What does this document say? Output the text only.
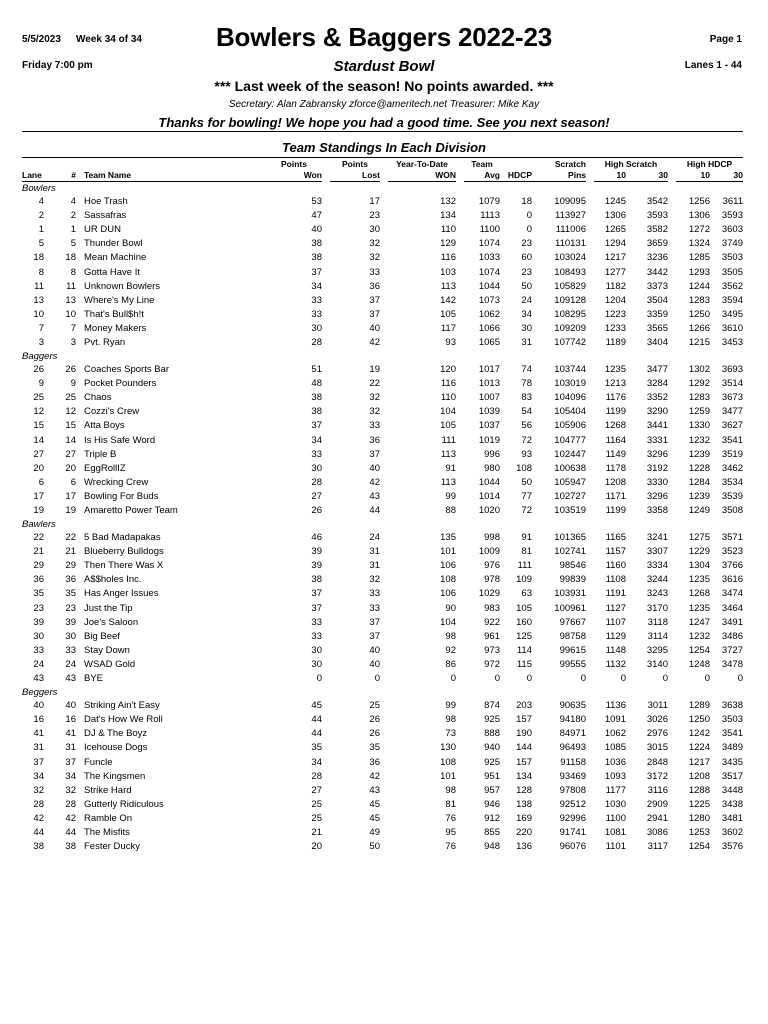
5/5/2023 Week 34 of 34	Bowlers & Baggers 2022-23	Page 1
Friday 7:00 pm	Stardust Bowl	Lanes 1 - 44
*** Last week of the season! No points awarded. ***
Secretary: Alan Zabransky zforce@ameritech.net Treasurer: Mike Kay
Thanks for bowling! We hope you had a good time. See you next season!
Team Standings In Each Division
			Points		Points		Year-To-Date		Team		Scratch		High Scratch			High HDCP	
Lane	#	Team Name	Won		Lost		WON		Avg	HDCP	Pins		10	30		10	30
Bowlers																	
4	4	Hoe Trash	53		17		132		1079	18	109095		1245	3542		1256	3611
2	2	Sassafras	47		23		134		1113	0	113927		1306	3593		1306	3593
1	1	UR DUN	40		30		110		1100	0	111006		1265	3582		1272	3603
5	5	Thunder Bowl	38		32		129		1074	23	110131		1294	3659		1324	3749
18	18	Mean Machine	38		32		116		1033	60	103024		1217	3236		1285	3503
8	8	Gotta Have It	37		33		103		1074	23	108493		1277	3442		1293	3505
11	11	Unknown Bowlers	34		36		113		1044	50	105829		1182	3373		1244	3562
13	13	Where's My Line	33		37		142		1073	24	109128		1204	3504		1283	3594
10	10	That's Bull$h!t	33		37		105		1062	34	108295		1223	3359		1250	3495
7	7	Money Makers	30		40		117		1066	30	109209		1233	3565		1266	3610
3	3	Pvt. Ryan	28		42		93		1065	31	107742		1189	3404		1215	3453
Baggers																	
26	26	Coaches Sports Bar	51		19		120		1017	74	103744		1235	3477		1302	3693
9	9	Pocket Pounders	48		22		116		1013	78	103019		1213	3284		1292	3514
25	25	Chaos	38		32		110		1007	83	104096		1176	3352		1283	3673
12	12	Cozzi's Crew	38		32		104		1039	54	105404		1199	3290		1259	3477
15	15	Atta Boys	37		33		105		1037	56	105906		1268	3441		1330	3627
14	14	Is His Safe Word	34		36		111		1019	72	104777		1164	3331		1232	3541
27	27	Triple B	33		37		113		996	93	102447		1149	3296		1239	3519
20	20	EggRollIZ	30		40		91		980	108	100638		1178	3192		1228	3462
6	6	Wrecking Crew	28		42		113		1044	50	105947		1208	3330		1284	3534
17	17	Bowling For Buds	27		43		99		1014	77	102727		1171	3296		1239	3539
19	19	Amaretto Power Team	26		44		88		1020	72	103519		1199	3358		1249	3508
Bawlers																	
22	22	5 Bad Madapakas	46		24		135		998	91	101365		1165	3241		1275	3571
21	21	Blueberry Bulldogs	39		31		101		1009	81	102741		1157	3307		1229	3523
29	29	Then There Was X	39		31		106		976	111	98546		1160	3334		1304	3766
36	36	A$$holes Inc.	38		32		108		978	109	99839		1108	3244		1235	3616
35	35	Has Anger Issues	37		33		106		1029	63	103931		1191	3243		1268	3474
23	23	Just the Tip	37		33		90		983	105	100961		1127	3170		1235	3464
39	39	Joe's Saloon	33		37		104		922	160	97667		1107	3118		1247	3491
30	30	Big Beef	33		37		98		961	125	98758		1129	3114		1232	3486
33	33	Stay Down	30		40		92		973	114	99615		1148	3295		1254	3727
24	24	WSAD Gold	30		40		86		972	115	99555		1132	3140		1248	3478
43	43	BYE	0		0		0		0	0	0		0	0		0	0
Beggers																	
40	40	Striking Ain't Easy	45		25		99		874	203	90635		1136	3011		1289	3638
16	16	Dat's How We Roll	44		26		98		925	157	94180		1091	3026		1250	3503
41	41	DJ & The Boyz	44		26		73		888	190	84971		1062	2976		1242	3541
31	31	Icehouse Dogs	35		35		130		940	144	96493		1085	3015		1224	3489
37	37	Funcle	34		36		108		925	157	91158		1036	2848		1217	3435
34	34	The Kingsmen	28		42		101		951	134	93469		1093	3172		1208	3517
32	32	Strike Hard	27		43		98		957	128	97808		1177	3116		1288	3448
28	28	Gutterly Ridiculous	25		45		81		946	138	92512		1030	2909		1225	3438
42	42	Ramble On	25		45		76		912	169	92996		1100	2941		1280	3481
44	44	The Misfits	21		49		95		855	220	91741		1081	3086		1253	3602
38	38	Fester Ducky	20		50		76		948	136	96076		1101	3117		1254	3576
